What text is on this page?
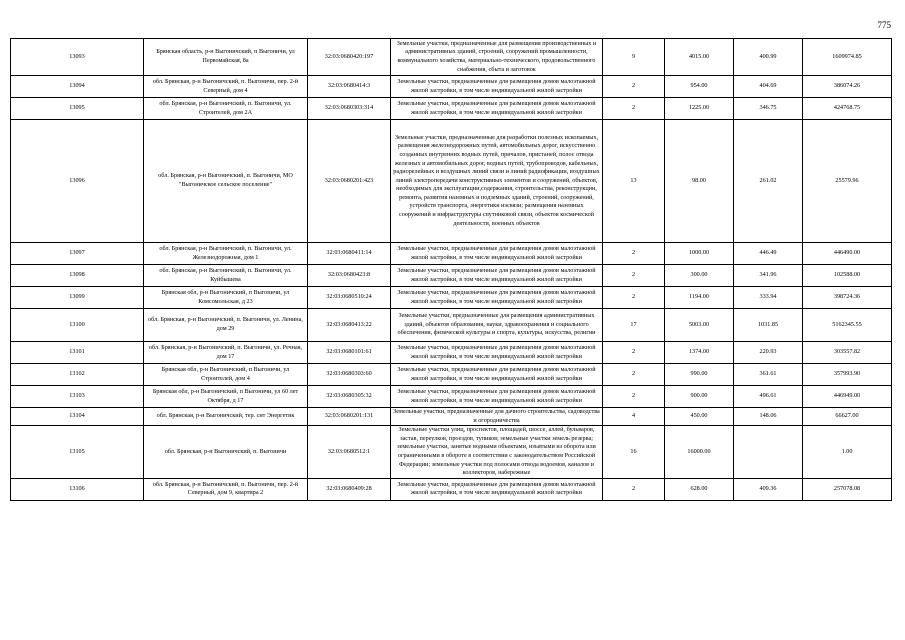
775
13093	Брянская область, р-н Выгоничский, п Выгоничи, ул Первомайская, 8а	32:03:0680420:197	Земельные участки, предназначенные для размещения производственных и административных зданий, строений, сооружений промышленности, коммунального хозяйства, материально-технического, продовольственного снабжения, сбыта и заготовок	9	4015.00	400.99	1609974.85
13094	обл. Брянская, р-н Выгоничский, п. Выгоничи, пер. 2-й Северный, дом 4	32:03:0680414:3	Земельные участки, предназначенные для размещения домов малоэтажной жилой застройки, в том числе индивидуальной жилой застройки	2	954.00	404.69	386074.26
13095	обл. Брянская, р-н Выгоничский, п. Выгоничи, ул. Строителей, дом 2А	32:03:0680303:314	Земельные участки, предназначенные для размещения домов малоэтажной жилой застройки, в том числе индивидуальной жилой застройки	2	1225.00	346.75	424768.75
13096	обл. Брянская, р-н Выгоничский, п. Выгоничи, МО "Выгоничское сельское поселение"	32:03:0680201:423	Земельные участки, предназначенные для разработки полезных ископаемых, размещения железнодорожных путей, автомобильных дорог, искусственно созданных внутренних водных путей, причалов, пристаней, полос отвода железных и автомобильных дорог, водных путей, трубопроводов, кабельных, радиорелейных и воздушных линий связи и линий радиофикации, воздушных линий электропередачи конструктивных элементов и сооружений, объектов, необходимых для эксплуатации,содержания, строительства, реконструкции, ремонта, развития наземных и подземных зданий, строений, сооружений, устройств транспорта, энергетики иэсвязи; размещения наземных сооружений и инфраструктуры спутниковой связи, объектов космической деятельности, военных объектов	13	98.00	261.02	25579.96
13097	обл. Брянская, р-н Выгоничский, п. Выгоничи, ул. Железнодорожная, дом 1	32:03:0680411:14	Земельные участки, предназначенные для размещения домов малоэтажной жилой застройки, в том числе индивидуальной жилой застройки	2	1000.00	446.49	446490.00
13098	обл. Брянская, р-н Выгоничский, п. Выгоничи, ул. Куйбышева	32:03:0680423:8	Земельные участки, предназначенные для размещения домов малоэтажной жилой застройки, в том числе индивидуальной жилой застройки	2	300.00	341.96	102588.00
13099	Брянская обл, р-н Выгоничский, п Выгоничи, ул Комсомольская, д 23	32:03:0680510:24	Земельные участки, предназначенные для размещения домов малоэтажной жилой застройки, в том числе индивидуальной жилой застройки	2	1194.00	333.94	398724.36
13100	обл. Брянская, р-н Выгоничский, п. Выгоничи, ул. Ленина, дом 29	32:03:0680413:22	Земельные участки, предназначенные для размещения административных зданий, объектов образования, науки, здравоохранения и социального обеспечения, физической культуры и спорта, культуры, искусства, религии	17	5003.00	1031.85	5162345.55
13101	обл. Брянская, р-н Выгоничский, п. Выгоничи, ул. Речная, дом 17	32:03:0680101:61	Земельные участки, предназначенные для размещения домов малоэтажной жилой застройки, в том числе индивидуальной жилой застройки	2	1374.00	220.93	303557.82
13102	Брянская обл, р-н Выгоничский, п Выгоничи, ул Строителей, дом 4	32:03:0680303:60	Земельные участки, предназначенные для размещения домов малоэтажной жилой застройки, в том числе индивидуальной жилой застройки	2	990.00	361.61	357993.90
13103	Брянская обл, р-н Выгоничский, п Выгоничи, ул 60 лет Октября, д 17	32:03:0680305:32	Земельные участки, предназначенные для размещения домов малоэтажной жилой застройки, в том числе индивидуальной жилой застройки	2	900.00	496.61	446949.00
13104	обл. Брянская, р-н Выгоничский, тер. снт Энергетик	32:03:0680201:131	Земельные участки, предназначенные для дачного строительства, садоводства и огородничества	4	450.00	148.06	66627.00
13105	обл. Брянская, р-н Выгоничский, п. Выгоничи	32:03:0680512:1	Земельные участки улиц, проспектов, площадей, шоссе, аллей, бульваров, застав, переулков, проездов, тупиков; земельные участки земель резерва; земельные участки, занятые водными объектами, изъятыми из оборота или ограниченными в обороте в соответствии с законодательством Российской Федерации; земельные участки под полосами отвода водоемов, каналов и коллекторов, набережные	16	16000.00		1.00
13106	обл. Брянская, р-н Выгоничский, п. Выгоничи, пер. 2-й Северный, дом 9, квартира 2	32:03:0680409:28	Земельные участки, предназначенные для размещения домов малоэтажной жилой застройки, в том числе индивидуальной жилой застройки	2	628.00	409.36	257078.08
